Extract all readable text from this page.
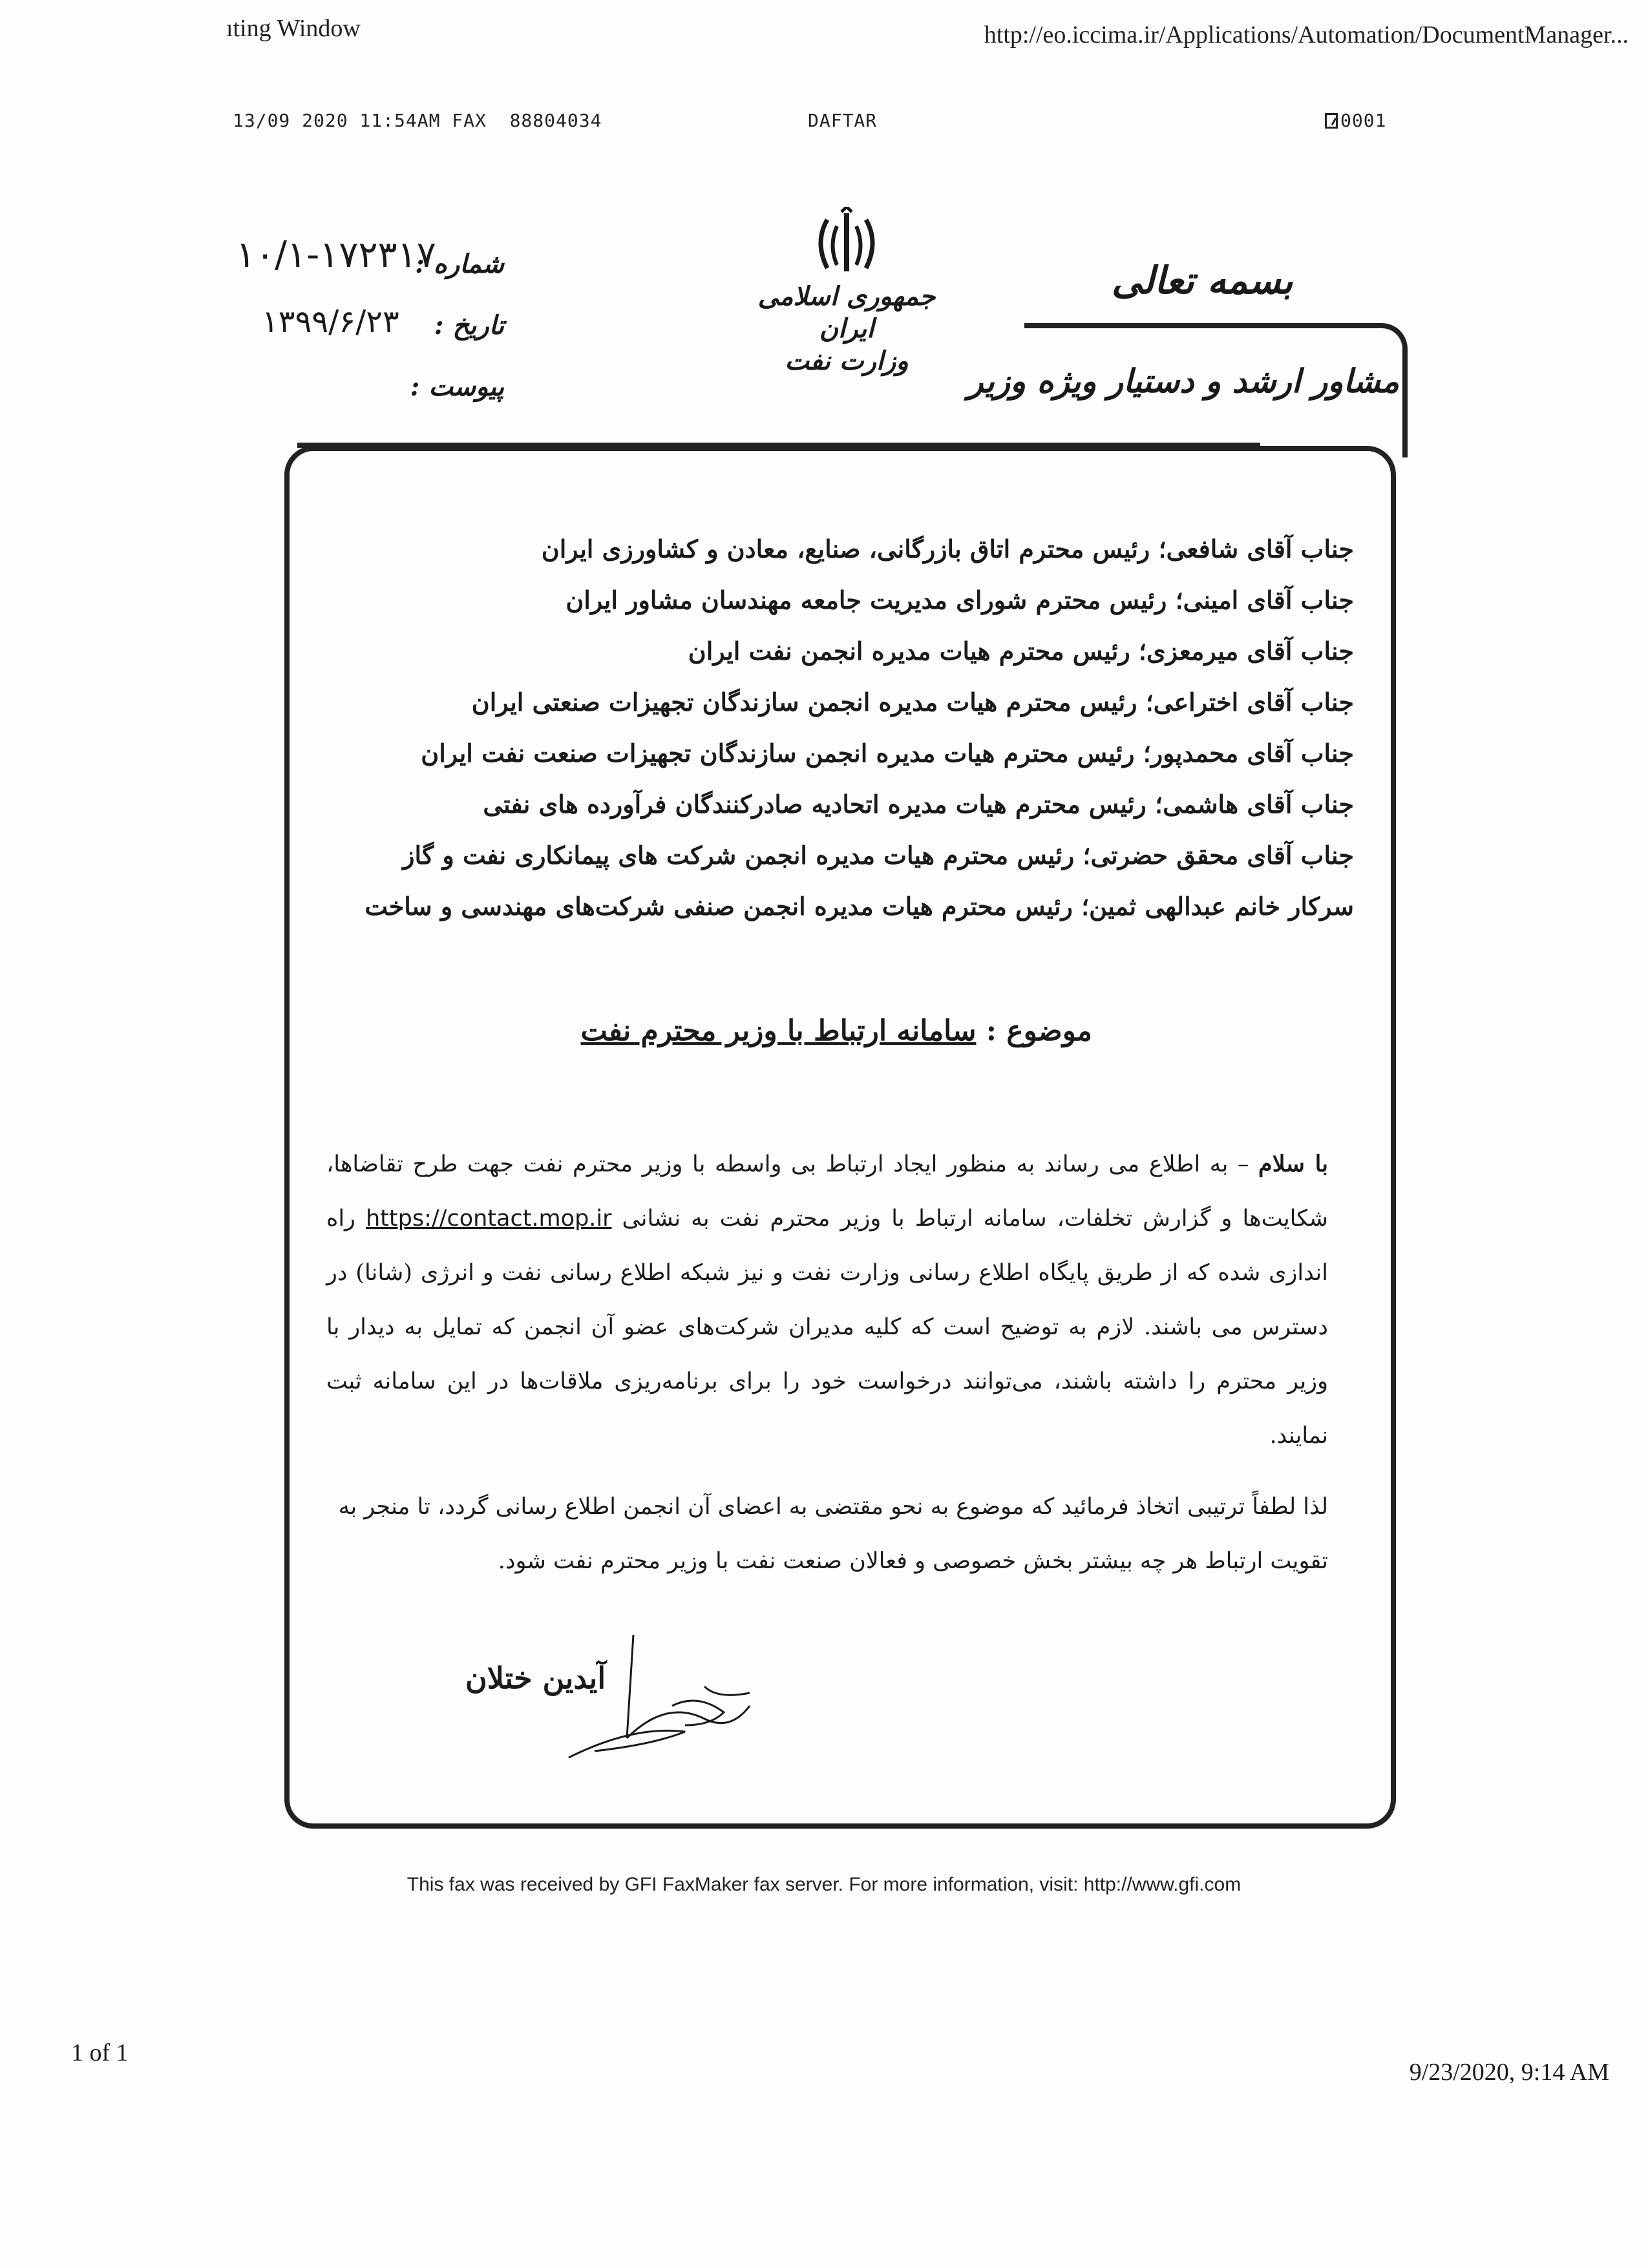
ıting Window	http://eo.iccima.ir/Applications/Automation/DocumentManager...
13/09 2020 11:54AM FAX  88804034	DAFTAR	0001
شماره :
۱۰/۱-۱۷۲۳۱۷
تاریخ :
۱۳۹۹/۶/۲۳
پیوست :
جمهوری اسلامی ایران
وزارت نفت
بسمه تعالی
مشاور ارشد و دستیار ویژه وزیر
جناب آقای شافعی؛ رئیس محترم اتاق بازرگانی، صنایع، معادن و کشاورزی ایران
جناب آقای امینی؛ رئیس محترم شورای مدیریت جامعه مهندسان مشاور ایران
جناب آقای میرمعزی؛ رئیس محترم هیات مدیره انجمن نفت ایران
جناب آقای اختراعی؛ رئیس محترم هیات مدیره انجمن سازندگان تجهیزات صنعتی ایران
جناب آقای محمدپور؛ رئیس محترم هیات مدیره انجمن سازندگان تجهیزات صنعت نفت ایران
جناب آقای هاشمی؛ رئیس محترم هیات مدیره اتحادیه صادرکنندگان فرآورده های نفتی
جناب آقای محقق حضرتی؛ رئیس محترم هیات مدیره انجمن شرکت های پیمانکاری نفت و گاز
سرکار خانم عبدالهی ثمین؛ رئیس محترم هیات مدیره انجمن صنفی شرکت‌های مهندسی و ساخت
موضوع : سامانه ارتباط با وزیر محترم نفت
با سلام – به اطلاع می رساند به منظور ایجاد ارتباط بی واسطه با وزیر محترم نفت جهت طرح تقاضاها، شکایت‌ها و گزارش تخلفات، سامانه ارتباط با وزیر محترم نفت به نشانی https://contact.mop.ir راه اندازی شده که از طریق پایگاه اطلاع رسانی وزارت نفت و نیز شبکه اطلاع رسانی نفت و انرژی (شانا) در دسترس می باشند. لازم به توضیح است که کلیه مدیران شرکت‌های عضو آن انجمن که تمایل به دیدار با وزیر محترم را داشته باشند، می‌توانند درخواست خود را برای برنامه‌ریزی ملاقات‌ها در این سامانه ثبت نمایند.
لذا لطفاً ترتیبی اتخاذ فرمائید که موضوع به نحو مقتضی به اعضای آن انجمن اطلاع رسانی گردد، تا منجر به تقویت ارتباط هر چه بیشتر بخش خصوصی و فعالان صنعت نفت با وزیر محترم نفت شود.
آیدین ختلان
This fax was received by GFI FaxMaker fax server. For more information, visit: http://www.gfi.com
1 of 1
9/23/2020, 9:14 AM
